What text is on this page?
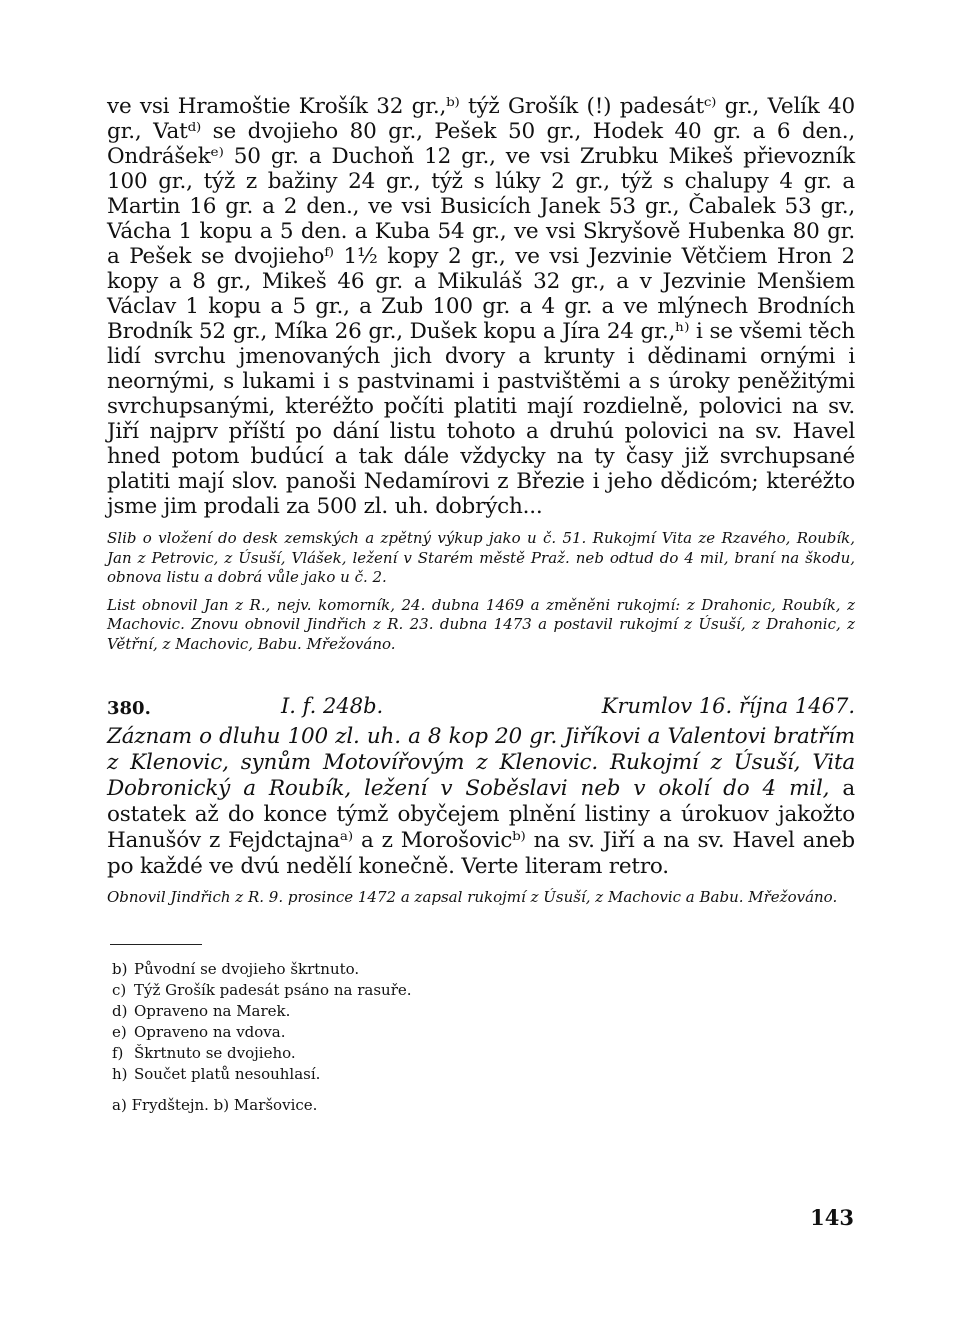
ve vsi Hramoštie Krošík 32 gr.,ᵇ⁾ týž Grošík (!) padesátᶜ⁾ gr., Velík 40 gr., Vatᵈ⁾ se dvojieho 80 gr., Pešek 50 gr., Hodek 40 gr. a 6 den., Ondrášekᵉ⁾ 50 gr. a Duchoň 12 gr., ve vsi Zrubku Mikeš přievozník 100 gr., týž z bažiny 24 gr., týž s lúky 2 gr., týž s chalupy 4 gr. a Martin 16 gr. a 2 den., ve vsi Busicích Janek 53 gr., Čabalek 53 gr., Vácha 1 kopu a 5 den. a Kuba 54 gr., ve vsi Skryšově Hubenka 80 gr. a Pešek se dvojiehoᶠ⁾ 1½ kopy 2 gr., ve vsi Jezvinie Větčiem Hron 2 kopy a 8 gr., Mikeš 46 gr. a Mikuláš 32 gr., a v Jezvinie Menšiem Václav 1 kopu a 5 gr., a Zub 100 gr. a 4 gr. a ve mlýnech Brodních Brodník 52 gr., Míka 26 gr., Dušek kopu a Jíra 24 gr.,ʰ⁾ i se všemi těch lidí svrchu jmenovaných jich dvory a krunty i dědinami ornými i neornými, s lukami i s pastvinami i pastvištěmi a s úroky peněžitými svrchupsanými, kteréžto počíti platiti mají rozdielně, polovici na sv. Jiří najprv příští po dání listu tohoto a druhú polovici na sv. Havel hned potom budúcí a tak dále vždycky na ty časy již svrchupsané platiti mají slov. panoši Nedamírovi z Březie i jeho dědicóm; kteréžto jsme jim prodali za 500 zl. uh. dobrých...

Slib o vložení do desk zemských a zpětný výkup jako u č. 51. Rukojmí Vita ze Rzavého, Roubík, Jan z Petrovic, z Úsuší, Vlášek, ležení v Starém městě Praž. neb odtud do 4 mil, braní na škodu, obnova listu a dobrá vůle jako u č. 2.

List obnovil Jan z R., nejv. komorník, 24. dubna 1469 a změněni rukojmí: z Drahonic, Roubík, z Machovic. Znovu obnovil Jindřich z R. 23. dubna 1473 a postavil rukojmí z Úsuší, z Drahonic, z Větřní, z Machovic, Babu. Mřežováno.

380.	I. f. 248b.	Krumlov 16. října 1467.

Záznam o dluhu 100 zl. uh. a 8 kop 20 gr. Jiříkovi a Valentovi bratřím z Klenovic, synům Motovířovým z Klenovic. Rukojmí z Úsuší, Vita Dobronický a Roubík, ležení v Soběslavi neb v okolí do 4 mil, a ostatek až do konce týmž obyčejem plnění listiny a úrokuov jakožto Hanušóv z Fejdctajnaᵃ⁾ a z Morošovicᵇ⁾ na sv. Jiří a na sv. Havel aneb po každé ve dvú nedělí konečně. Verte literam retro.

Obnovil Jindřich z R. 9. prosince 1472 a zapsal rukojmí z Úsuší, z Machovic a Babu. Mřežováno.

b) Původní se dvojieho škrtnuto.

c) Týž Grošík padesát psáno na rasuře.

d) Opraveno na Marek.

e) Opraveno na vdova.

f) Škrtnuto se dvojieho.

h) Součet platů nesouhlasí.

a) Frydštejn. b) Maršovice.

143
